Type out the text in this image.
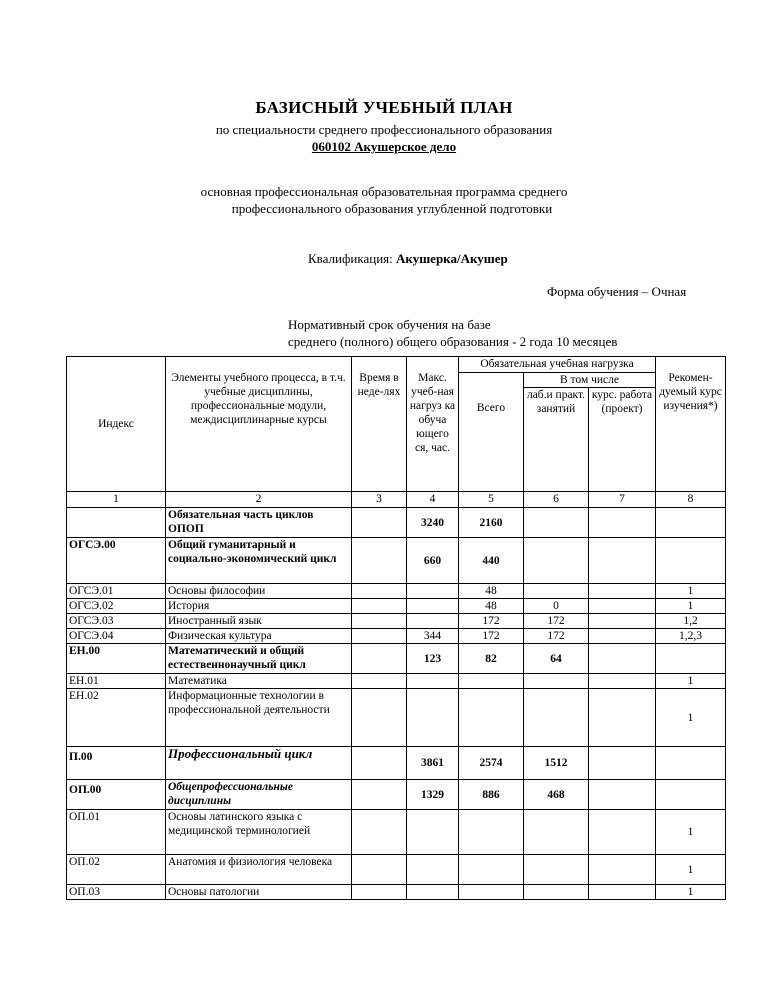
БАЗИСНЫЙ УЧЕБНЫЙ ПЛАН
по специальности среднего профессионального образования
060102 Акушерское дело
основная профессиональная образовательная программа среднего
профессионального образования углубленной подготовки
Квалификация: Акушерка/Акушер
Форма обучения – Очная
Нормативный срок обучения на базе
среднего (полного) общего образования - 2 года 10 месяцев
Индекс	Элементы учебного процесса, в т.ч. учебные дисциплины, профессиональные модули, междисциплинарные курсы	Время в неде-лях	Макс. учеб-ная нагруз ка обуча ющего ся, час.	Обязательная учебная нагрузка			Рекомен-дуемый курс изучения*)
				Всего	В том числе		
					лаб.и практ. занятий	курс. работа (проект)	
1	2	3	4	5	6	7	8
	Обязательная часть циклов ОПОП		3240	2160			
ОГСЭ.00	Общий гуманитарный и социально-экономический цикл		660	440			
ОГСЭ.01	Основы философии			48			1
ОГСЭ.02	История			48	0		1
ОГСЭ.03	Иностранный язык			172	172		1,2
ОГСЭ.04	Физическая культура		344	172	172		1,2,3
ЕН.00	Математический и общий естественнонаучный цикл		123	82	64		
ЕН.01	Математика						1
ЕН.02	Информационные технологии в профессиональной деятельности						1
П.00	Профессиональный цикл		3861	2574	1512		
ОП.00	Общепрофессиональные дисциплины		1329	886	468		
ОП.01	Основы латинского языка с медицинской терминологией						1
ОП.02	Анатомия и физиология человека						1
ОП.03	Основы патологии						1
